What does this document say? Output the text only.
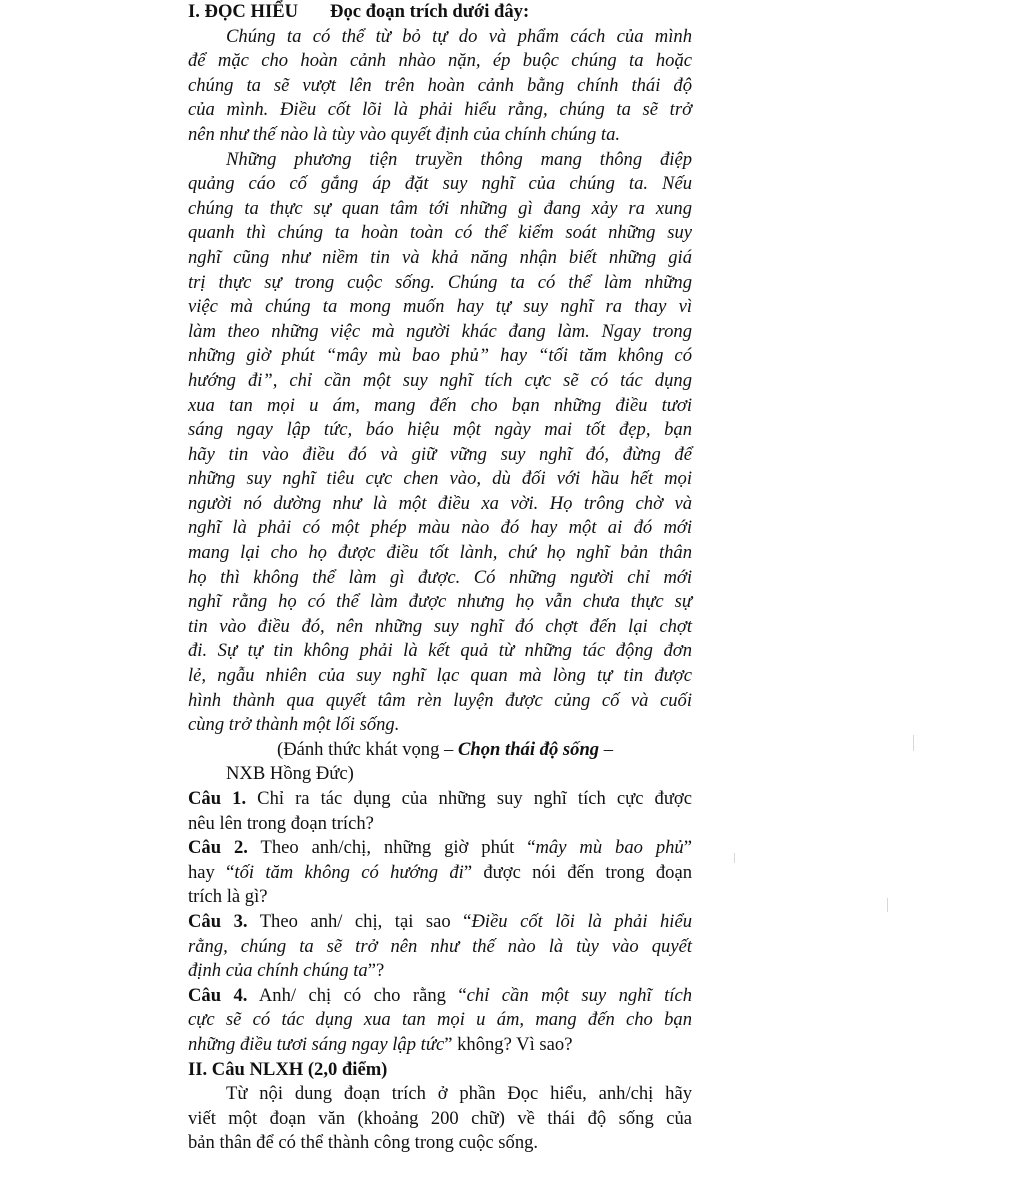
I. ĐỌC HIỂU Đọc đoạn trích dưới đây:
Chúng ta có thể từ bỏ tự do và phẩm cách của mình
để mặc cho hoàn cảnh nhào nặn, ép buộc chúng ta hoặc
chúng ta sẽ vượt lên trên hoàn cảnh bằng chính thái độ
của mình. Điều cốt lõi là phải hiểu rằng, chúng ta sẽ trở
nên như thế nào là tùy vào quyết định của chính chúng ta.
Những phương tiện truyền thông mang thông điệp
quảng cáo cố gắng áp đặt suy nghĩ của chúng ta. Nếu
chúng ta thực sự quan tâm tới những gì đang xảy ra xung
quanh thì chúng ta hoàn toàn có thể kiểm soát những suy
nghĩ cũng như niềm tin và khả năng nhận biết những giá
trị thực sự trong cuộc sống. Chúng ta có thể làm những
việc mà chúng ta mong muốn hay tự suy nghĩ ra thay vì
làm theo những việc mà người khác đang làm. Ngay trong
những giờ phút “mây mù bao phủ” hay “tối tăm không có
hướng đi”, chỉ cần một suy nghĩ tích cực sẽ có tác dụng
xua tan mọi u ám, mang đến cho bạn những điều tươi
sáng ngay lập tức, báo hiệu một ngày mai tốt đẹp, bạn
hãy tin vào điều đó và giữ vững suy nghĩ đó, đừng để
những suy nghĩ tiêu cực chen vào, dù đối với hầu hết mọi
người nó dường như là một điều xa vời. Họ trông chờ và
nghĩ là phải có một phép màu nào đó hay một ai đó mới
mang lại cho họ được điều tốt lành, chứ họ nghĩ bản thân
họ thì không thể làm gì được. Có những người chỉ mới
nghĩ rằng họ có thể làm được nhưng họ vẫn chưa thực sự
tin vào điều đó, nên những suy nghĩ đó chợt đến lại chợt
đi. Sự tự tin không phải là kết quả từ những tác động đơn
lẻ, ngẫu nhiên của suy nghĩ lạc quan mà lòng tự tin được
hình thành qua quyết tâm rèn luyện được củng cố và cuối
cùng trở thành một lối sống.
(Đánh thức khát vọng – Chọn thái độ sống –
NXB Hồng Đức)
Câu 1. Chỉ ra tác dụng của những suy nghĩ tích cực được
nêu lên trong đoạn trích?
Câu 2. Theo anh/chị, những giờ phút “mây mù bao phủ”
hay “tối tăm không có hướng đi” được nói đến trong đoạn
trích là gì?
Câu 3. Theo anh/ chị, tại sao “Điều cốt lõi là phải hiểu
rằng, chúng ta sẽ trở nên như thế nào là tùy vào quyết
định của chính chúng ta”?
Câu 4. Anh/ chị có cho rằng “chỉ cần một suy nghĩ tích
cực sẽ có tác dụng xua tan mọi u ám, mang đến cho bạn
những điều tươi sáng ngay lập tức” không? Vì sao?
II. Câu NLXH (2,0 điểm)
Từ nội dung đoạn trích ở phần Đọc hiểu, anh/chị hãy
viết một đoạn văn (khoảng 200 chữ) về thái độ sống của
bản thân để có thể thành công trong cuộc sống.
